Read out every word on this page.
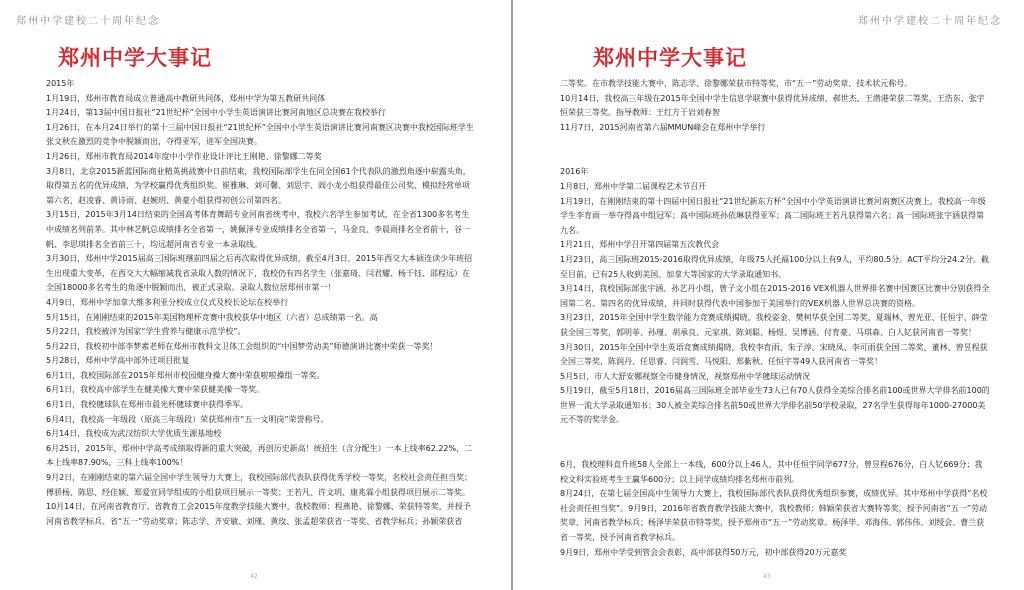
郑州中学建校二十周年纪念
郑州中学大事记

2015年

1月19日，郑州市教育局成立普通高中教研共同体，郑州中学为第五教研共同体

1月24日，第13届中国日报社“21世纪杯”全国中小学生英语演讲比赛河南地区总决赛在我校举行

1月26日，在本月24日举行的第十三届中国日报社“21世纪杯”全国中小学生英语演讲比赛河南赛区决赛中我校国际班学生张文秋在激烈的竞争中脱颖而出，夺得亚军，进军全国决赛。

1月26日，郑州市教育局2014年度中小学作业设计评比王刚艳、徐黎娜二等奖

3月8日，北京2015新蓝国际商业精英挑战赛中日前结束，我校国际部学生在同全国61个代表队的激烈角逐中崭露头角，取得第五名的优异成绩，为学校赢得优秀组织奖。崔雅琳、刘可馨、刘思宇、阎小龙小组获得最佳公司奖、模拟经营单项第六名，赵凌睿、黄诗雨、赵婉玥、黄豪小组获得初创公司第四名。

3月15日，2015年3月14日结束的全国高考体育舞蹈专业河南省统考中，我校六名学生参加考试，在全省1300多名考生中成绩名列前茅。其中林艺帆总成绩排名全省第一，姚佩泽专业成绩排名全省第一，马金良、李晨雨排名全省前十，谷一帆、李思琪排名全省前三十，均远超河南省专业一本录取线。

3月30日，郑州中学2015届高三国际班继前四届之后再次取得优异成绩，截至4月3日，2015年西交大本硕连读少年班招生出现重大变革，在西交大大幅缩减我省录取人数的情况下，我校仍有四名学生（张嘉琦、闫君耀、杨千钰、邵程远）在全国18000多名考生的角逐中脱颖而出，被正式录取。录取人数位居郑州市第一！

4月9日，郑州中学加拿大维多利亚分校成立仪式及校长论坛在校举行

5月15日，在刚刚结束的2015年美国物理杯竞赛中我校获华中地区（六省）总成绩第一名。高

5月22日，我校被评为国家“学生营养与健康示范学校”。

5月22日，我校初中部李梦素老师在郑州市教科文卫体工会组织的“中国梦劳动美”师德演讲比赛中荣获一等奖！

5月28日，郑州中学高中部外迁项目批复

6月1日，我校国际部在2015年郑州市校园健身操大赛中荣获啦啦操组一等奖。

6月1日，我校高中部学生在健美操大赛中荣获健美操一等奖。

6月1日，我校毽球队在郑州市晨光杯毽球赛中获得季军。

6月4日，我校高一年级段（原高三年级段）荣获郑州市“五一文明岗”荣誉称号。

6月14日，我校成为武汉纺织大学优质生源基地校

6月25日，2015年，郑州中学高考成绩取得新的重大突破，再创历史新高！统招生（含分配生）一本上线率62.22%，二本上线率87.90%，三科上线率100%！

9月2日，在刚刚结束的第六届全国中学生领导力大赛上，我校国际部代表队获得优秀学校一等奖，名校社会责任担当奖；傅骄杨、陈思、经佳颖、郑爱宣同学组成的小组获项目展示一等奖；王若凡、许文玥、康兆霖小组获得项目展示二等奖。

10月14日，在河南省教育厅、省教育工会2015年度教学技能大赛中，我校教师：程燕艳、徐黎娜、荣获特等奖，并授予河南省教学标兵、省“五一”劳动奖章；陈志学、齐安敏、刘瑾、黄玫、张孟超荣获省一等奖、省教学标兵；孙颖荣获省

42
郑州中学建校二十周年纪念
郑州中学大事记

二等奖。在市教学技能大赛中，陈志学、徐黎娜荣获市特等奖，市“五一”劳动奖章、技术状元称号。

10月14日，我校高三年级在2015年全国中学生信息学联赛中获得优异成绩，郝世杰、王潜港荣获二等奖，王浩东、张宇恒荣获三等奖。指导教师：王红方于岩刘春智

11月7日，2015河南省第六届MMUN峰会在郑州中学举行

2016年

1月8日，郑州中学第二届课程艺术节召开

1月19日，在刚刚结束的第十四届中国日报社“21世纪新东方杯”全国中小学英语演讲比赛河南赛区决赛上，我校高一年级学生李育雨一举夺得高中组冠军；高中国际班孙依琳获得亚军；高二国际班王若凡获得第六名；高一国际班张宇涵获得第九名。

1月21日，郑州中学召开第四届第五次教代会

1月23日，高三国际班2015-2016取得优异成绩，年级75人托福100分以上有9人，平均80.5分。ACT平均分24.2分。截至目前，已有25人收到美国、加拿大等国家的大学录取通知书。

3月14日，我校国际部张宇涵、孙艺丹小组，曾子文小组在2015-2016 VEX机器人世界排名赛中国赛区比赛中分别获得全国第二名、第四名的优异成绩，并同时获得代表中国参加于美国举行的VEX机器人世界总决赛的资格。

3月23日，2015年全国中学生数学能力竞赛成绩揭晓，我校姿金、樊柯华获全国二等奖，夏瑞林、曾光亚、任恒宇、薛莹获全国三等奖，郭明菲、孙瑾、胡承良、元家祺、陈刘聪、杨煜、吴博涵、付育豪、马琪森、白人钇获河南省一等奖！

3月30日，2015年全国中学生英语竞赛成绩揭晓，我校李育雨、朱子淳、宋晓凤、李可雨获全国二等奖，董林、曾昱程获全国三等奖，陈润丹、任思睿、闫润雪、马悦阳、郑紫秋、任恒宇等49人获河南省一等奖！

5月5日，市人大舒安娜视察全市健身情况，视察郑州中学毽球运动情况

5月19日，截至5月18日，2016届高三国际班全部毕业生73人已有70人获得全美综合排名前100或世界大学排名前100的世界一流大学录取通知书；30人被全美综合排名前50或世界大学排名前50学校录取，27名学生获得每年1000-27000美元不等的奖学金。

6月，我校理科直升班58人全部上一本线，600分以上46人，其中任恒宇同学677分，曾昱程676分，白人钇669分；我校文科实验班考生王赢华600分；以上同学成绩均排名郑州市前列。

8月24日，在第七届全国高中生领导力大赛上，我校国际部代表队获得优秀组织参赛，成绩优异。其中郑州中学获得“名校社会责任担当奖”。9月9日，2016年省教育教学技能大赛中，我校教师：韩颖荣获省大赛特等奖，授予河南省“五一”劳动奖章、河南省教学标兵；杨泽毕荣获市特等奖，授予郑州市“五一”劳动奖章。杨泽毕、邓海伟、郭伟伟、刘绶会、曹兰获省一等奖，授予河南省教学标兵。

9月9日，郑州中学受到管会会表彰，高中部获得50万元，初中部获得20万元嘉奖

43
